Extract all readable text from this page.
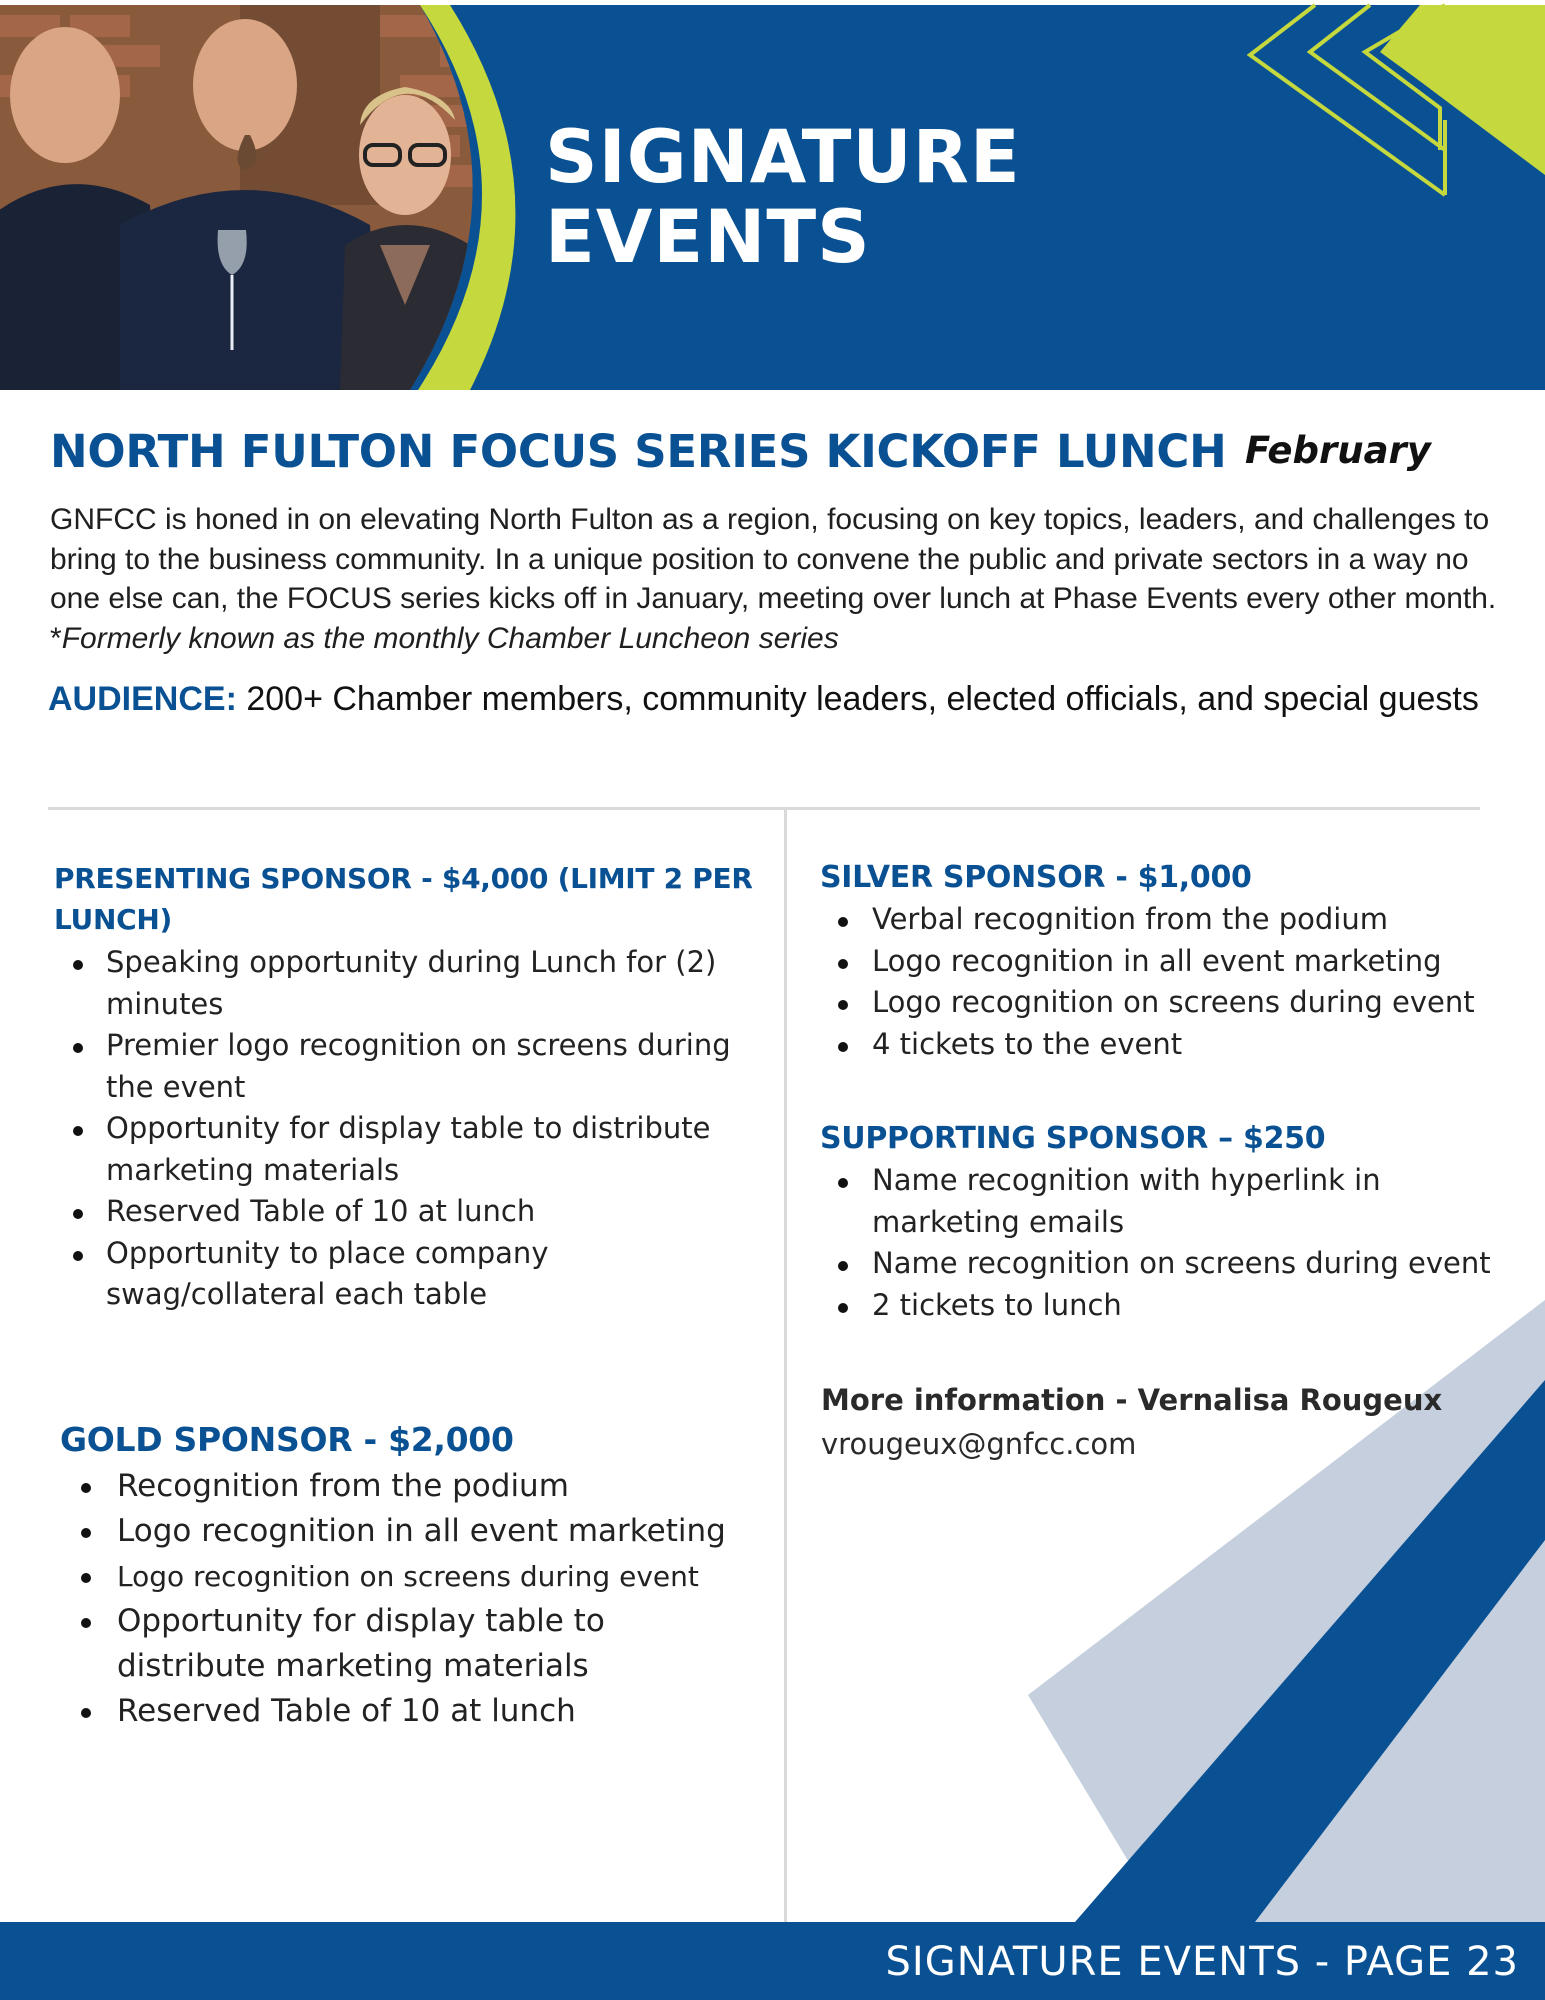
SIGNATURE
EVENTS
NORTH FULTON FOCUS SERIES KICKOFF LUNCH February

GNFCC is honed in on elevating North Fulton as a region, focusing on key topics, leaders, and challenges to bring to the business community. In a unique position to convene the public and private sectors in a way no one else can, the FOCUS series kicks off in January, meeting over lunch at Phase Events every other month. *Formerly known as the monthly Chamber Luncheon series

AUDIENCE: 200+ Chamber members, community leaders, elected officials, and special guests

PRESENTING SPONSOR - $4,000 (LIMIT 2 PER LUNCH)
Speaking opportunity during Lunch for (2) minutes
Premier logo recognition on screens during the event
Opportunity for display table to distribute marketing materials
Reserved Table of 10 at lunch
Opportunity to place company swag/collateral each table
GOLD SPONSOR - $2,000
Recognition from the podium
Logo recognition in all event marketing
Logo recognition on screens during event
Opportunity for display table to distribute marketing materials
Reserved Table of 10 at lunch
SILVER SPONSOR - $1,000
Verbal recognition from the podium
Logo recognition in all event marketing
Logo recognition on screens during event
4 tickets to the event
SUPPORTING SPONSOR – $250
Name recognition with hyperlink in marketing emails
Name recognition on screens during event
2 tickets to lunch
More information - Vernalisa Rougeux
vrougeux@gnfcc.com
SIGNATURE EVENTS - PAGE 23
